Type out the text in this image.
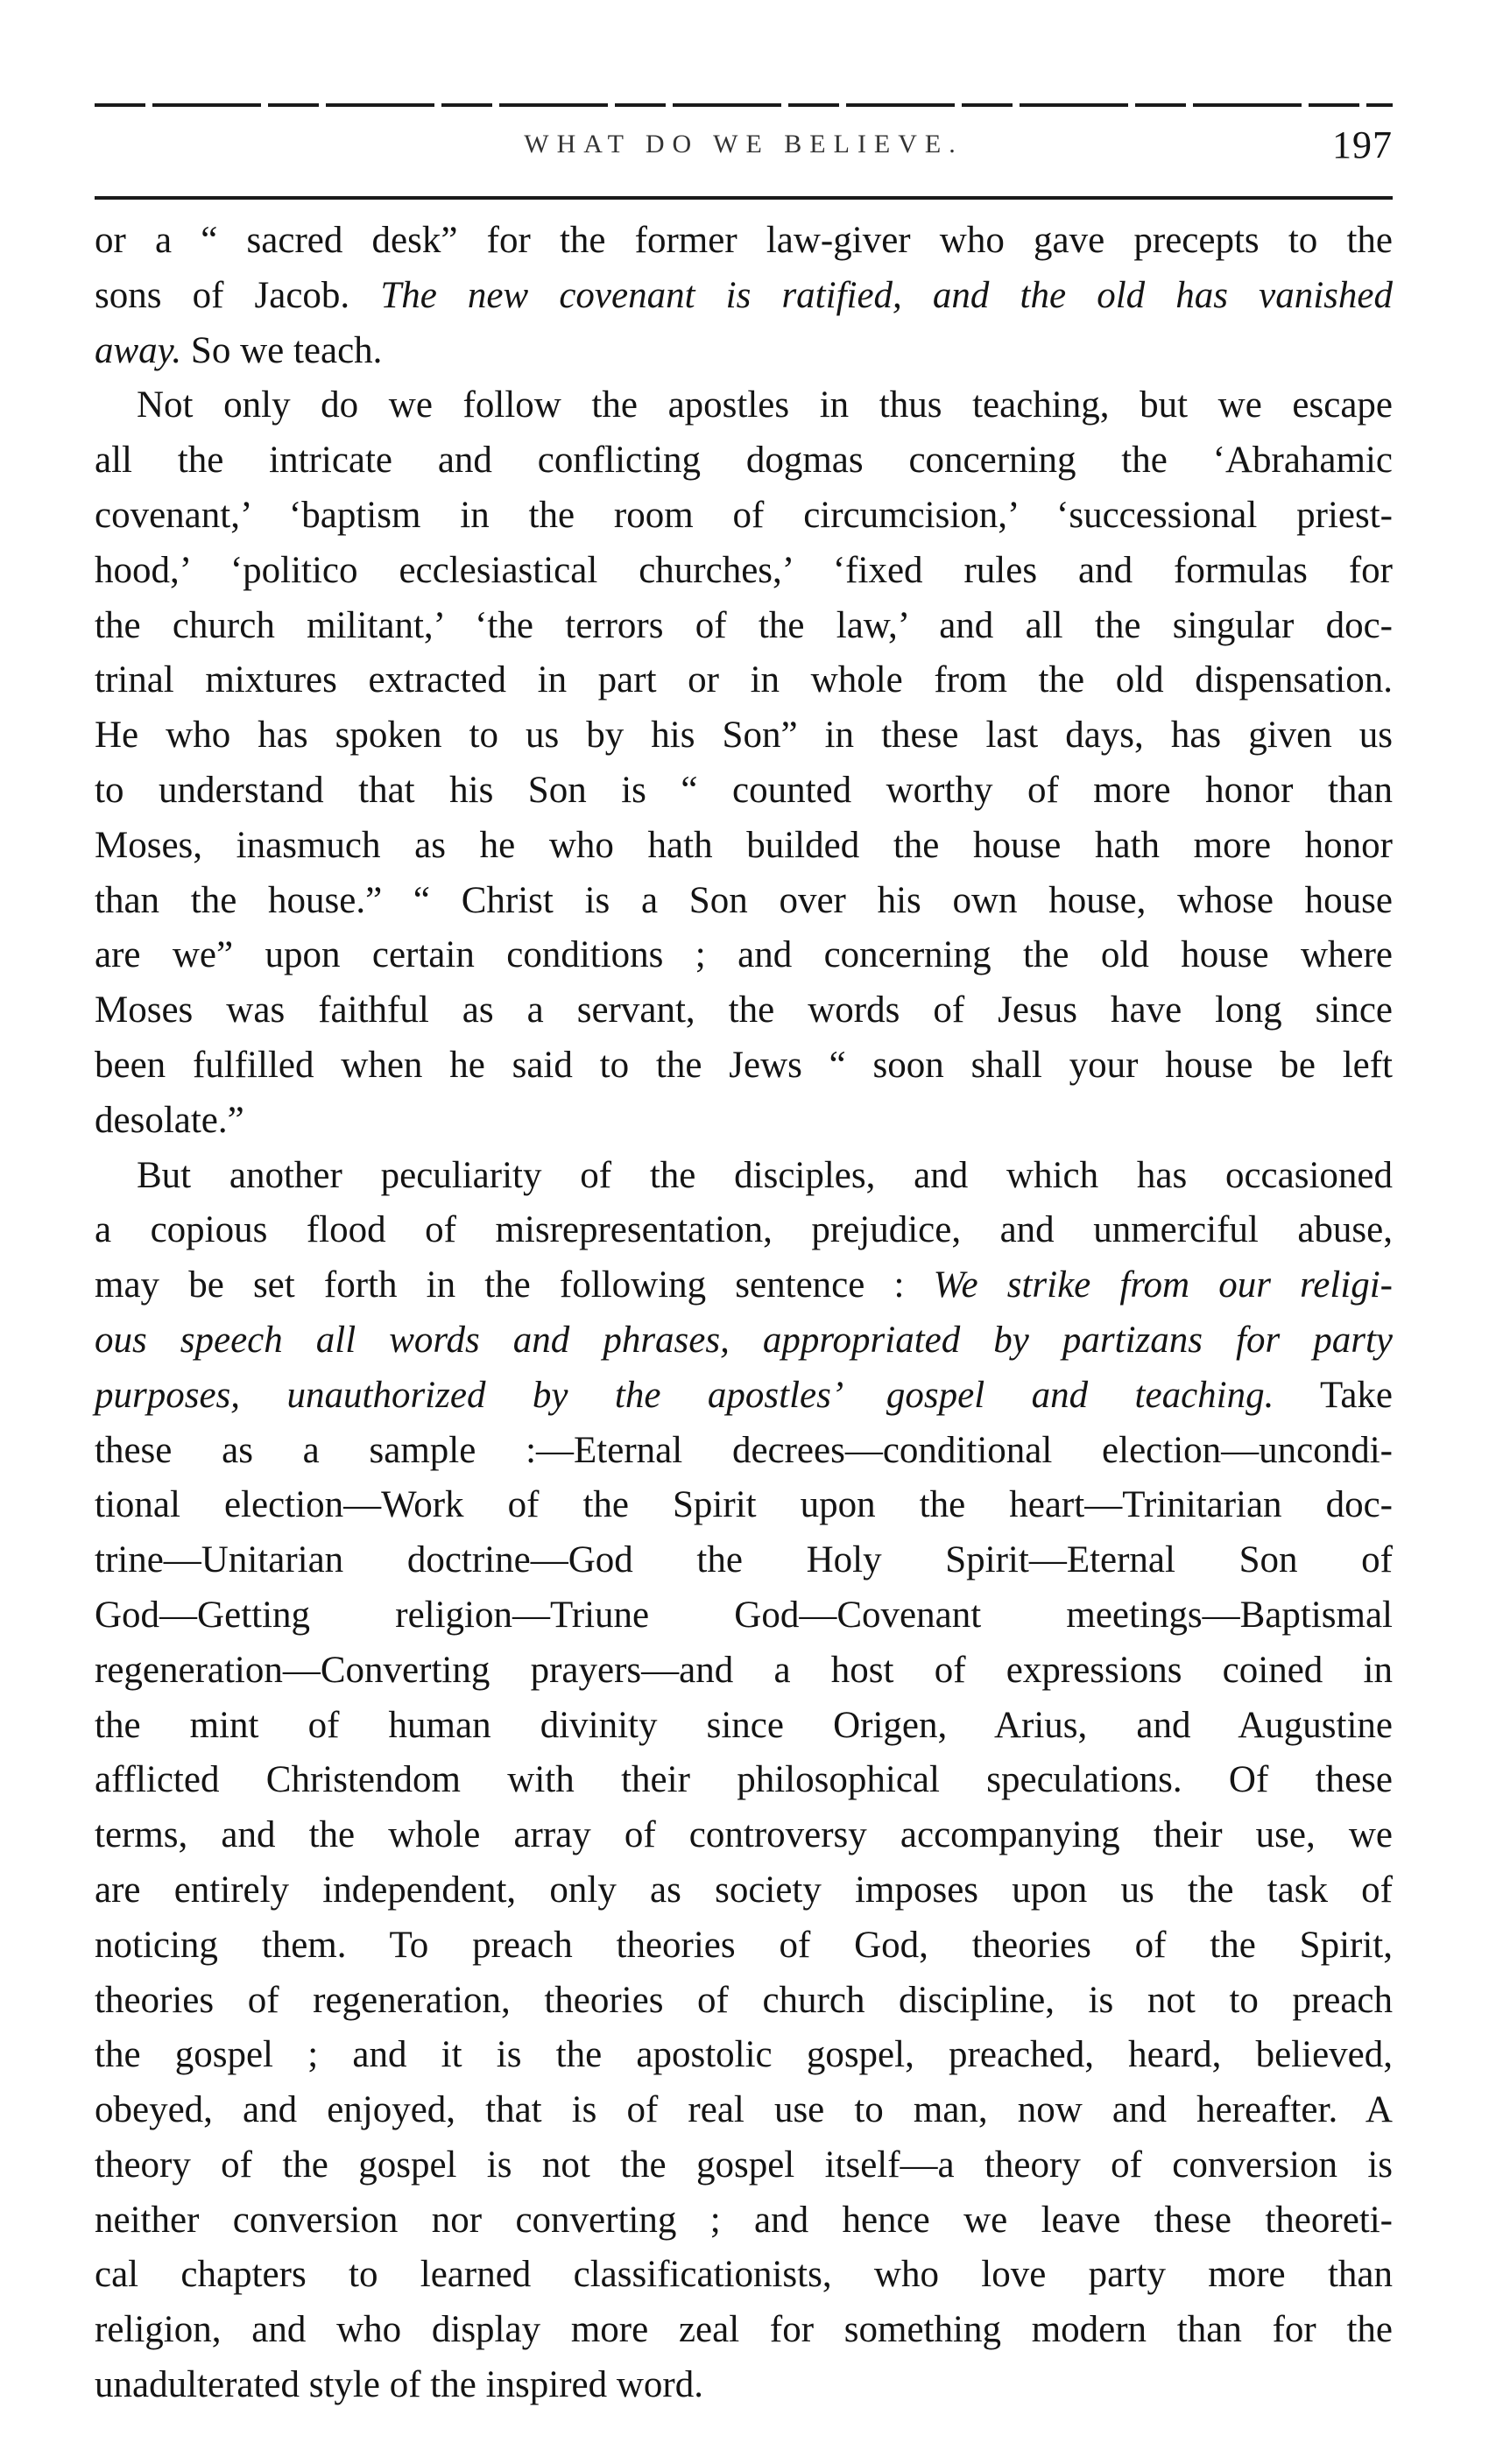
WHAT DO WE BELIEVE.	197
or a “ sacred desk” for the former law-giver who gave precepts to the
sons of Jacob. The new covenant is ratified, and the old has vanished
away. So we teach.
Not only do we follow the apostles in thus teaching, but we escape
all the intricate and conflicting dogmas concerning the ‘Abrahamic
covenant,’ ‘baptism in the room of circumcision,’ ‘successional priest-
hood,’ ‘politico ecclesiastical churches,’ ‘fixed rules and formulas for
the church militant,’ ‘the terrors of the law,’ and all the singular doc-
trinal mixtures extracted in part or in whole from the old dispensation.
He who has spoken to us by his Son” in these last days, has given us
to understand that his Son is “ counted worthy of more honor than
Moses, inasmuch as he who hath builded the house hath more honor
than the house.” “ Christ is a Son over his own house, whose house
are we” upon certain conditions ; and concerning the old house where
Moses was faithful as a servant, the words of Jesus have long since
been fulfilled when he said to the Jews “ soon shall your house be left
desolate.”
But another peculiarity of the disciples, and which has occasioned
a copious flood of misrepresentation, prejudice, and unmerciful abuse,
may be set forth in the following sentence : We strike from our religi-
ous speech all words and phrases, appropriated by partizans for party
purposes, unauthorized by the apostles’ gospel and teaching. Take
these as a sample :—Eternal decrees—conditional election—uncondi-
tional election—Work of the Spirit upon the heart—Trinitarian doc-
trine—Unitarian doctrine—God the Holy Spirit—Eternal Son of
God—Getting religion—Triune God—Covenant meetings—Baptismal
regeneration—Converting prayers—and a host of expressions coined in
the mint of human divinity since Origen, Arius, and Augustine
afflicted Christendom with their philosophical speculations. Of these
terms, and the whole array of controversy accompanying their use, we
are entirely independent, only as society imposes upon us the task of
noticing them. To preach theories of God, theories of the Spirit,
theories of regeneration, theories of church discipline, is not to preach
the gospel ; and it is the apostolic gospel, preached, heard, believed,
obeyed, and enjoyed, that is of real use to man, now and hereafter. A
theory of the gospel is not the gospel itself—a theory of conversion is
neither conversion nor converting ; and hence we leave these theoreti-
cal chapters to learned classificationists, who love party more than
religion, and who display more zeal for something modern than for the
unadulterated style of the inspired word.
